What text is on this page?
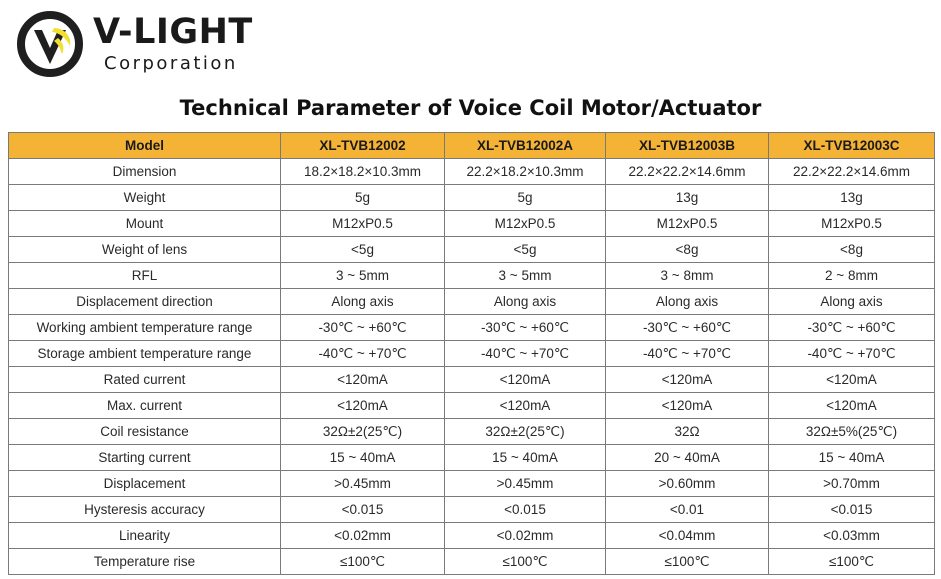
V-LIGHT
Corporation
Technical Parameter of Voice Coil Motor/Actuator
Model	XL-TVB12002	XL-TVB12002A	XL-TVB12003B	XL-TVB12003C
Dimension	18.2×18.2×10.3mm	22.2×18.2×10.3mm	22.2×22.2×14.6mm	22.2×22.2×14.6mm
Weight	5g	5g	13g	13g
Mount	M12xP0.5	M12xP0.5	M12xP0.5	M12xP0.5
Weight of lens	<5g	<5g	<8g	<8g
RFL	3 ~ 5mm	3 ~ 5mm	3 ~ 8mm	2 ~ 8mm
Displacement direction	Along axis	Along axis	Along axis	Along axis
Working ambient temperature range	-30℃ ~ +60℃	-30℃ ~ +60℃	-30℃ ~ +60℃	-30℃ ~ +60℃
Storage ambient temperature range	-40℃ ~ +70℃	-40℃ ~ +70℃	-40℃ ~ +70℃	-40℃ ~ +70℃
Rated current	<120mA	<120mA	<120mA	<120mA
Max. current	<120mA	<120mA	<120mA	<120mA
Coil resistance	32Ω±2(25℃)	32Ω±2(25℃)	32Ω	32Ω±5%(25℃)
Starting current	15 ~ 40mA	15 ~ 40mA	20 ~ 40mA	15 ~ 40mA
Displacement	>0.45mm	>0.45mm	>0.60mm	>0.70mm
Hysteresis accuracy	<0.015	<0.015	<0.01	<0.015
Linearity	<0.02mm	<0.02mm	<0.04mm	<0.03mm
Temperature rise	≤100℃	≤100℃	≤100℃	≤100℃
